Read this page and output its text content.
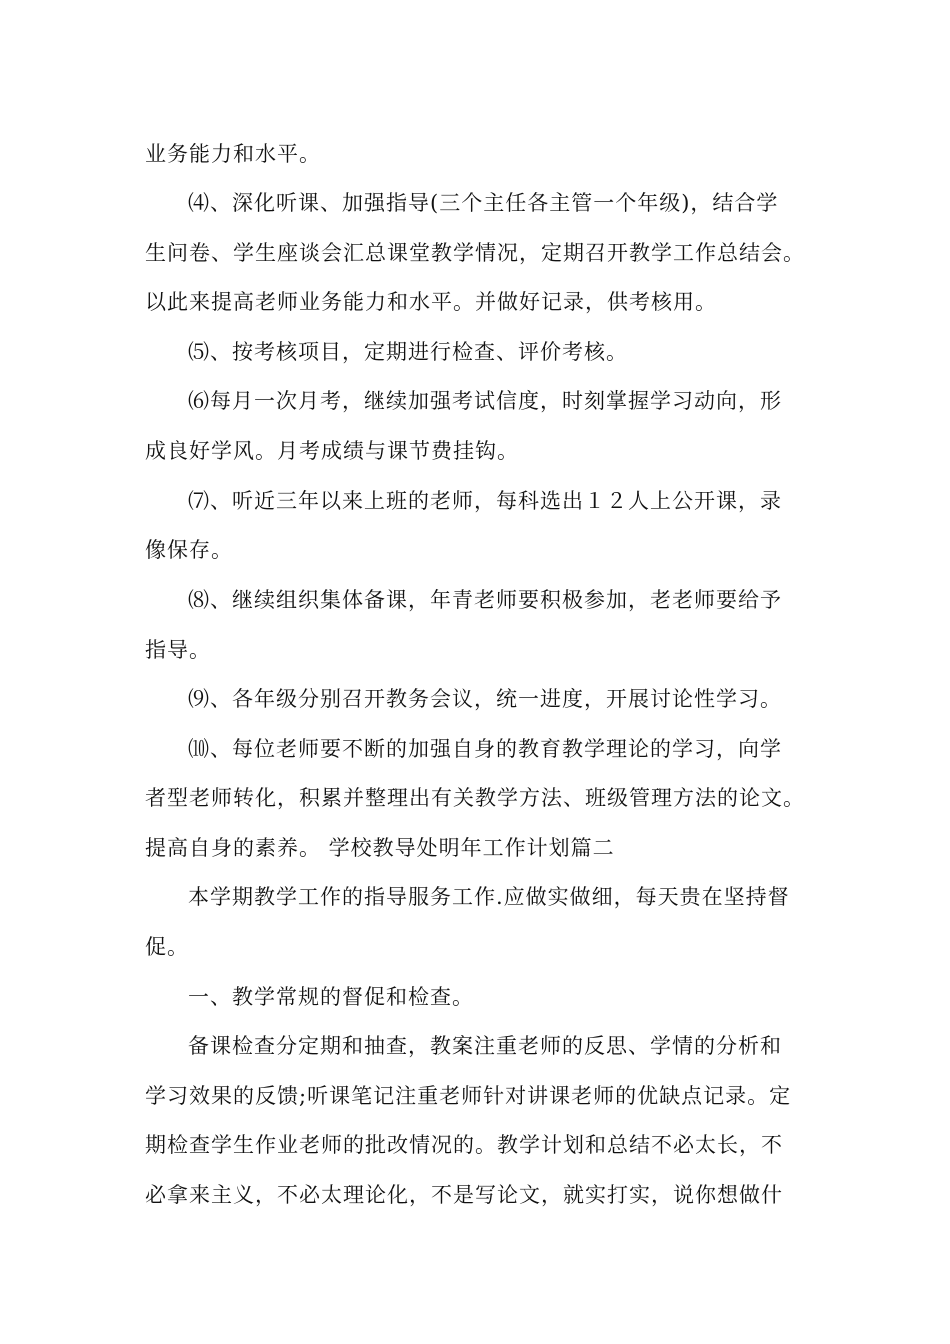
业务能力和水平。
⑷、深化听课、加强指导(三个主任各主管一个年级)，结合学
生问卷、学生座谈会汇总课堂教学情况，定期召开教学工作总结会。
以此来提高老师业务能力和水平。并做好记录，供考核用。
⑸、按考核项目，定期进行检查、评价考核。
⑹每月一次月考，继续加强考试信度，时刻掌握学习动向，形
成良好学风。月考成绩与课节费挂钩。
⑺、听近三年以来上班的老师，每科选出１２人上公开课，录
像保存。
⑻、继续组织集体备课，年青老师要积极参加，老老师要给予
指导。
⑼、各年级分别召开教务会议，统一进度，开展讨论性学习。
⑽、每位老师要不断的加强自身的教育教学理论的学习，向学
者型老师转化，积累并整理出有关教学方法、班级管理方法的论文。
提高自身的素养。 学校教导处明年工作计划篇二
本学期教学工作的指导服务工作.应做实做细，每天贵在坚持督
促。
一、教学常规的督促和检查。
备课检查分定期和抽查，教案注重老师的反思、学情的分析和
学习效果的反馈;听课笔记注重老师针对讲课老师的优缺点记录。定
期检查学生作业老师的批改情况的。教学计划和总结不必太长，不
必拿来主义，不必太理论化，不是写论文，就实打实，说你想做什
